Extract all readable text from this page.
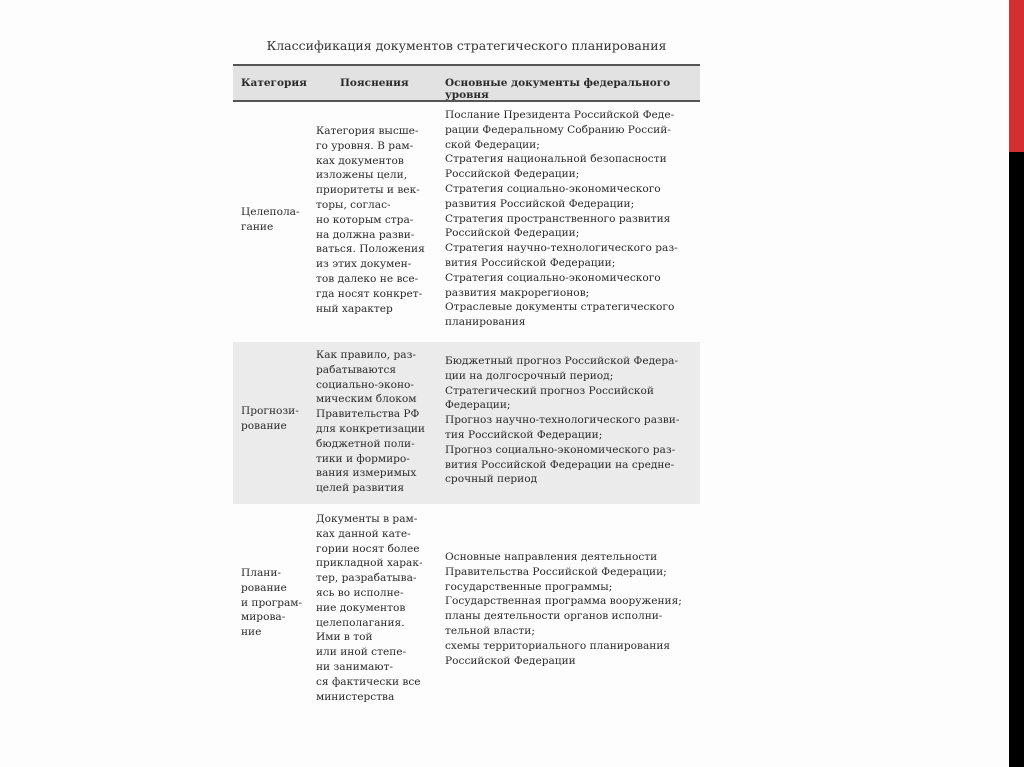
Классификация документов стратегического планирования
Категория	Пояснения	Основные документы федерального уровня
Целепола-
гание
Категория высше-
го уровня. В рам-
ках документов
изложены цели,
приоритеты и век-
торы, соглас-
но которым стра-
на должна разви-
ваться. Положения
из этих докумен-
тов далеко не все-
гда носят конкрет-
ный характер
Послание Президента Российской Феде-
рации Федеральному Собранию Россий-
ской Федерации;
Стратегия национальной безопасности
Российской Федерации;
Стратегия социально-экономического
развития Российской Федерации;
Стратегия пространственного развития
Российской Федерации;
Стратегия научно-технологического раз-
вития Российской Федерации;
Стратегия социально-экономического
развития макрорегионов;
Отраслевые документы стратегического
планирования
Прогнози-
рование
Как правило, раз-
рабатываются
социально-эконо-
мическим блоком
Правительства РФ
для конкретизации
бюджетной поли-
тики и формиро-
вания измеримых
целей развития
Бюджетный прогноз Российской Федера-
ции на долгосрочный период;
Стратегический прогноз Российской
Федерации;
Прогноз научно-технологического разви-
тия Российской Федерации;
Прогноз социально-экономического раз-
вития Российской Федерации на средне-
срочный период
Плани-
рование
и програм-
мирова-
ние
Документы в рам-
ках данной кате-
гории носят более
прикладной харак-
тер, разрабатыва-
ясь во исполне-
ние документов
целеполагания.
Ими в той
или иной степе-
ни занимают-
ся фактически все
министерства
Основные направления деятельности
Правительства Российской Федерации;
государственные программы;
Государственная программа вооружения;
планы деятельности органов исполни-
тельной власти;
схемы территориального планирования
Российской Федерации
